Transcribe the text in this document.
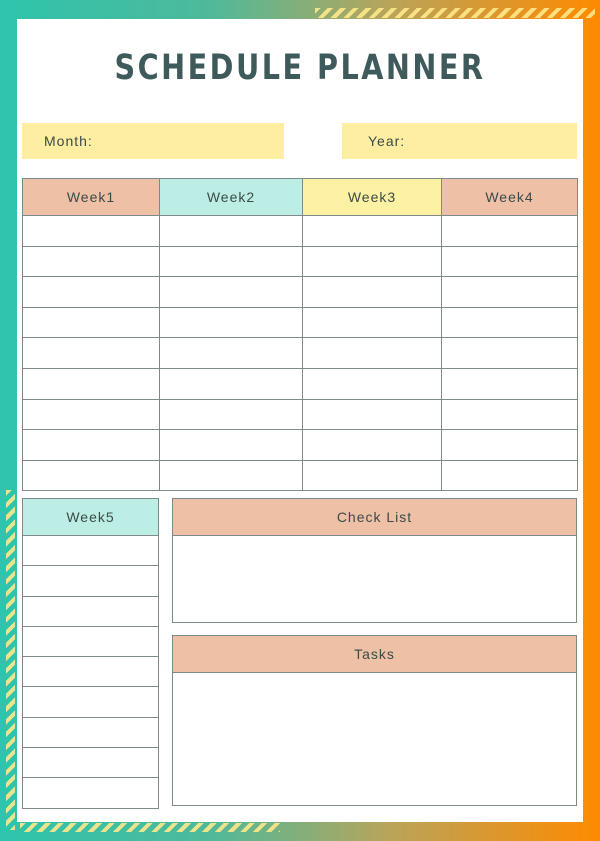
SCHEDULE PLANNER
Month:	Year:
Week1	Week2	Week3	Week4

Week5	Check List
Tasks
